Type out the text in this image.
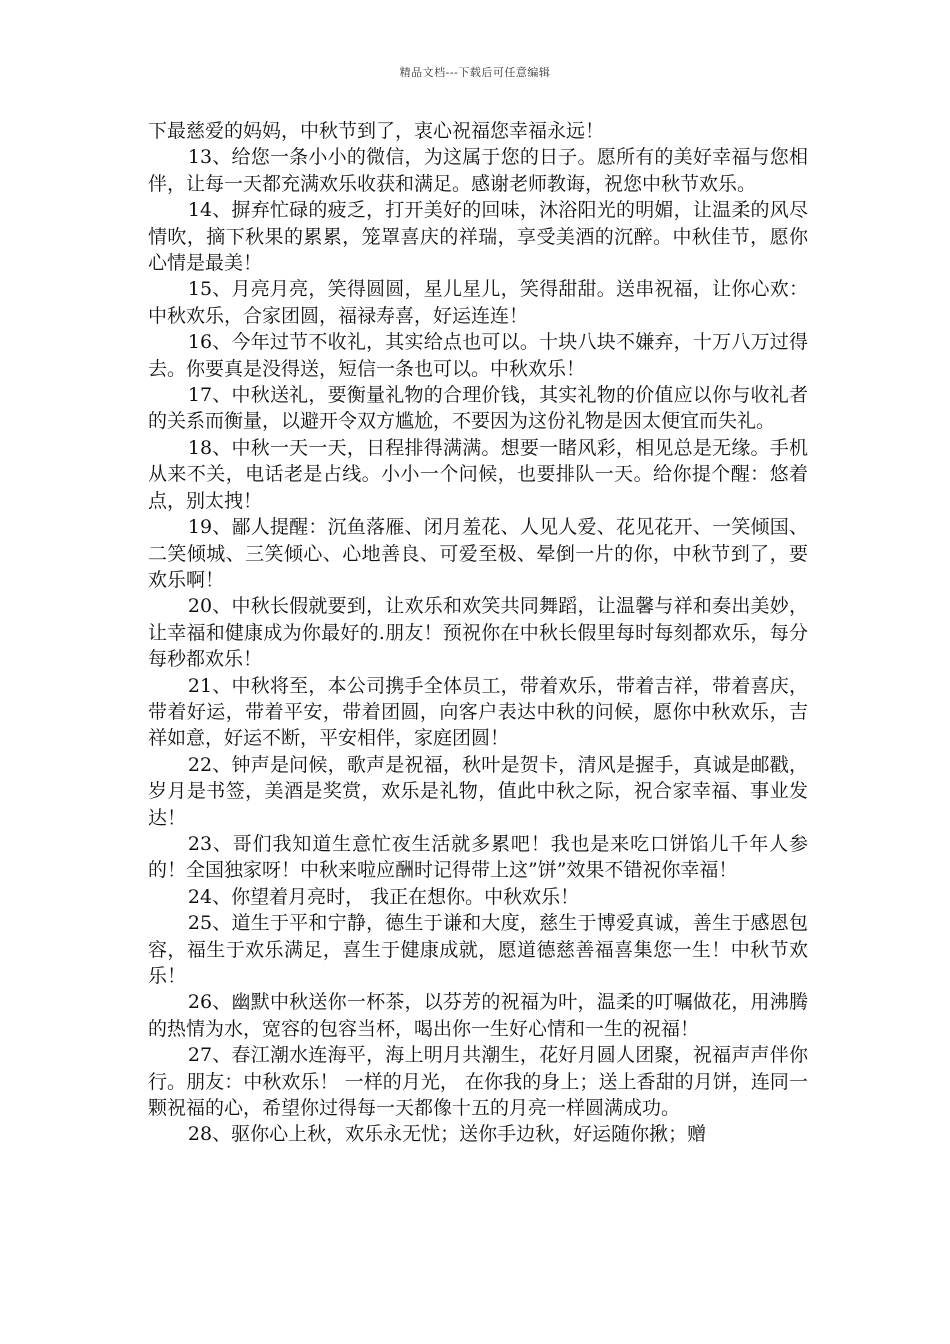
精品文档---下载后可任意编辑

下最慈爱的妈妈，中秋节到了，衷心祝福您幸福永远！

13、给您一条小小的微信，为这属于您的日子。愿所有的美好幸福与您相伴，让每一天都充满欢乐收获和满足。感谢老师教诲，祝您中秋节欢乐。

14、摒弃忙碌的疲乏，打开美好的回味，沐浴阳光的明媚，让温柔的风尽情吹，摘下秋果的累累，笼罩喜庆的祥瑞，享受美酒的沉醉。中秋佳节，愿你心情是最美！

15、月亮月亮，笑得圆圆，星儿星儿，笑得甜甜。送串祝福，让你心欢：中秋欢乐，合家团圆，福禄寿喜，好运连连！

16、今年过节不收礼，其实给点也可以。十块八块不嫌弃，十万八万过得去。你要真是没得送，短信一条也可以。中秋欢乐！

17、中秋送礼，要衡量礼物的合理价钱，其实礼物的价值应以你与收礼者的关系而衡量，以避开令双方尴尬，不要因为这份礼物是因太便宜而失礼。

18、中秋一天一天，日程排得满满。想要一睹风彩，相见总是无缘。手机从来不关，电话老是占线。小小一个问候，也要排队一天。给你提个醒：悠着点，别太拽！

19、鄙人提醒：沉鱼落雁、闭月羞花、人见人爱、花见花开、一笑倾国、二笑倾城、三笑倾心、心地善良、可爱至极、晕倒一片的你，中秋节到了，要欢乐啊！

20、中秋长假就要到，让欢乐和欢笑共同舞蹈，让温馨与祥和奏出美妙，让幸福和健康成为你最好的.朋友！预祝你在中秋长假里每时每刻都欢乐，每分每秒都欢乐！

21、中秋将至，本公司携手全体员工，带着欢乐，带着吉祥，带着喜庆，带着好运，带着平安，带着团圆，向客户表达中秋的问候，愿你中秋欢乐，吉祥如意，好运不断，平安相伴，家庭团圆！

22、钟声是问候，歌声是祝福，秋叶是贺卡，清风是握手，真诚是邮戳，岁月是书签，美酒是奖赏，欢乐是礼物，值此中秋之际，祝合家幸福、事业发达！

23、哥们我知道生意忙夜生活就多累吧！我也是来吃口饼馅儿千年人参的！全国独家呀！中秋来啦应酬时记得带上这”饼”效果不错祝你幸福！

24、你望着月亮时， 我正在想你。中秋欢乐！

25、道生于平和宁静，德生于谦和大度，慈生于博爱真诚，善生于感恩包容，福生于欢乐满足，喜生于健康成就，愿道德慈善福喜集您一生！中秋节欢乐！

26、幽默中秋送你一杯茶，以芬芳的祝福为叶，温柔的叮嘱做花，用沸腾的热情为水，宽容的包容当杯，喝出你一生好心情和一生的祝福！

27、春江潮水连海平，海上明月共潮生，花好月圆人团聚，祝福声声伴你行。朋友：中秋欢乐！ 一样的月光， 在你我的身上；送上香甜的月饼，连同一颗祝福的心，希望你过得每一天都像十五的月亮一样圆满成功。

28、驱你心上秋，欢乐永无忧；送你手边秋，好运随你揪；赠
